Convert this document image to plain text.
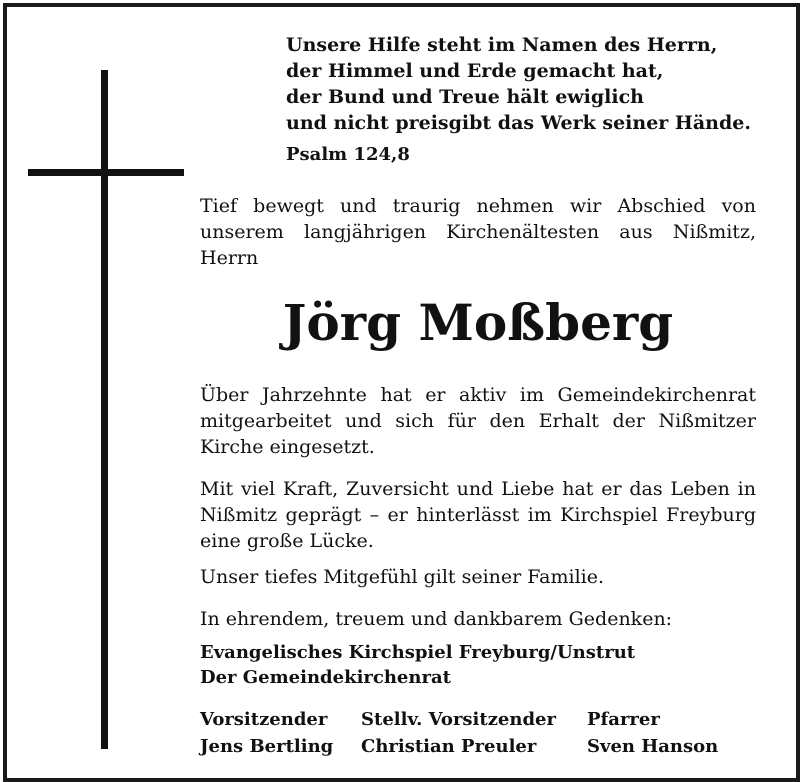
Unsere Hilfe steht im Namen des Herrn,
der Himmel und Erde gemacht hat,
der Bund und Treue hält ewiglich
und nicht preisgibt das Werk seiner Hände.
Psalm 124,8
Tief bewegt und traurig nehmen wir Abschied von
unserem langjährigen Kirchenältesten aus Nißmitz,
Herrn
Jörg Moßberg
Über Jahrzehnte hat er aktiv im Gemeindekirchenrat
mitgearbeitet und sich für den Erhalt der Nißmitzer
Kirche eingesetzt.
Mit viel Kraft, Zuversicht und Liebe hat er das Leben in
Nißmitz geprägt – er hinterlässt im Kirchspiel Freyburg
eine große Lücke.
Unser tiefes Mitgefühl gilt seiner Familie.
In ehrendem, treuem und dankbarem Gedenken:
Evangelisches Kirchspiel Freyburg/Unstrut
Der Gemeindekirchenrat
Vorsitzender
Jens Bertling
Stellv. Vorsitzender
Christian Preuler
Pfarrer
Sven Hanson
